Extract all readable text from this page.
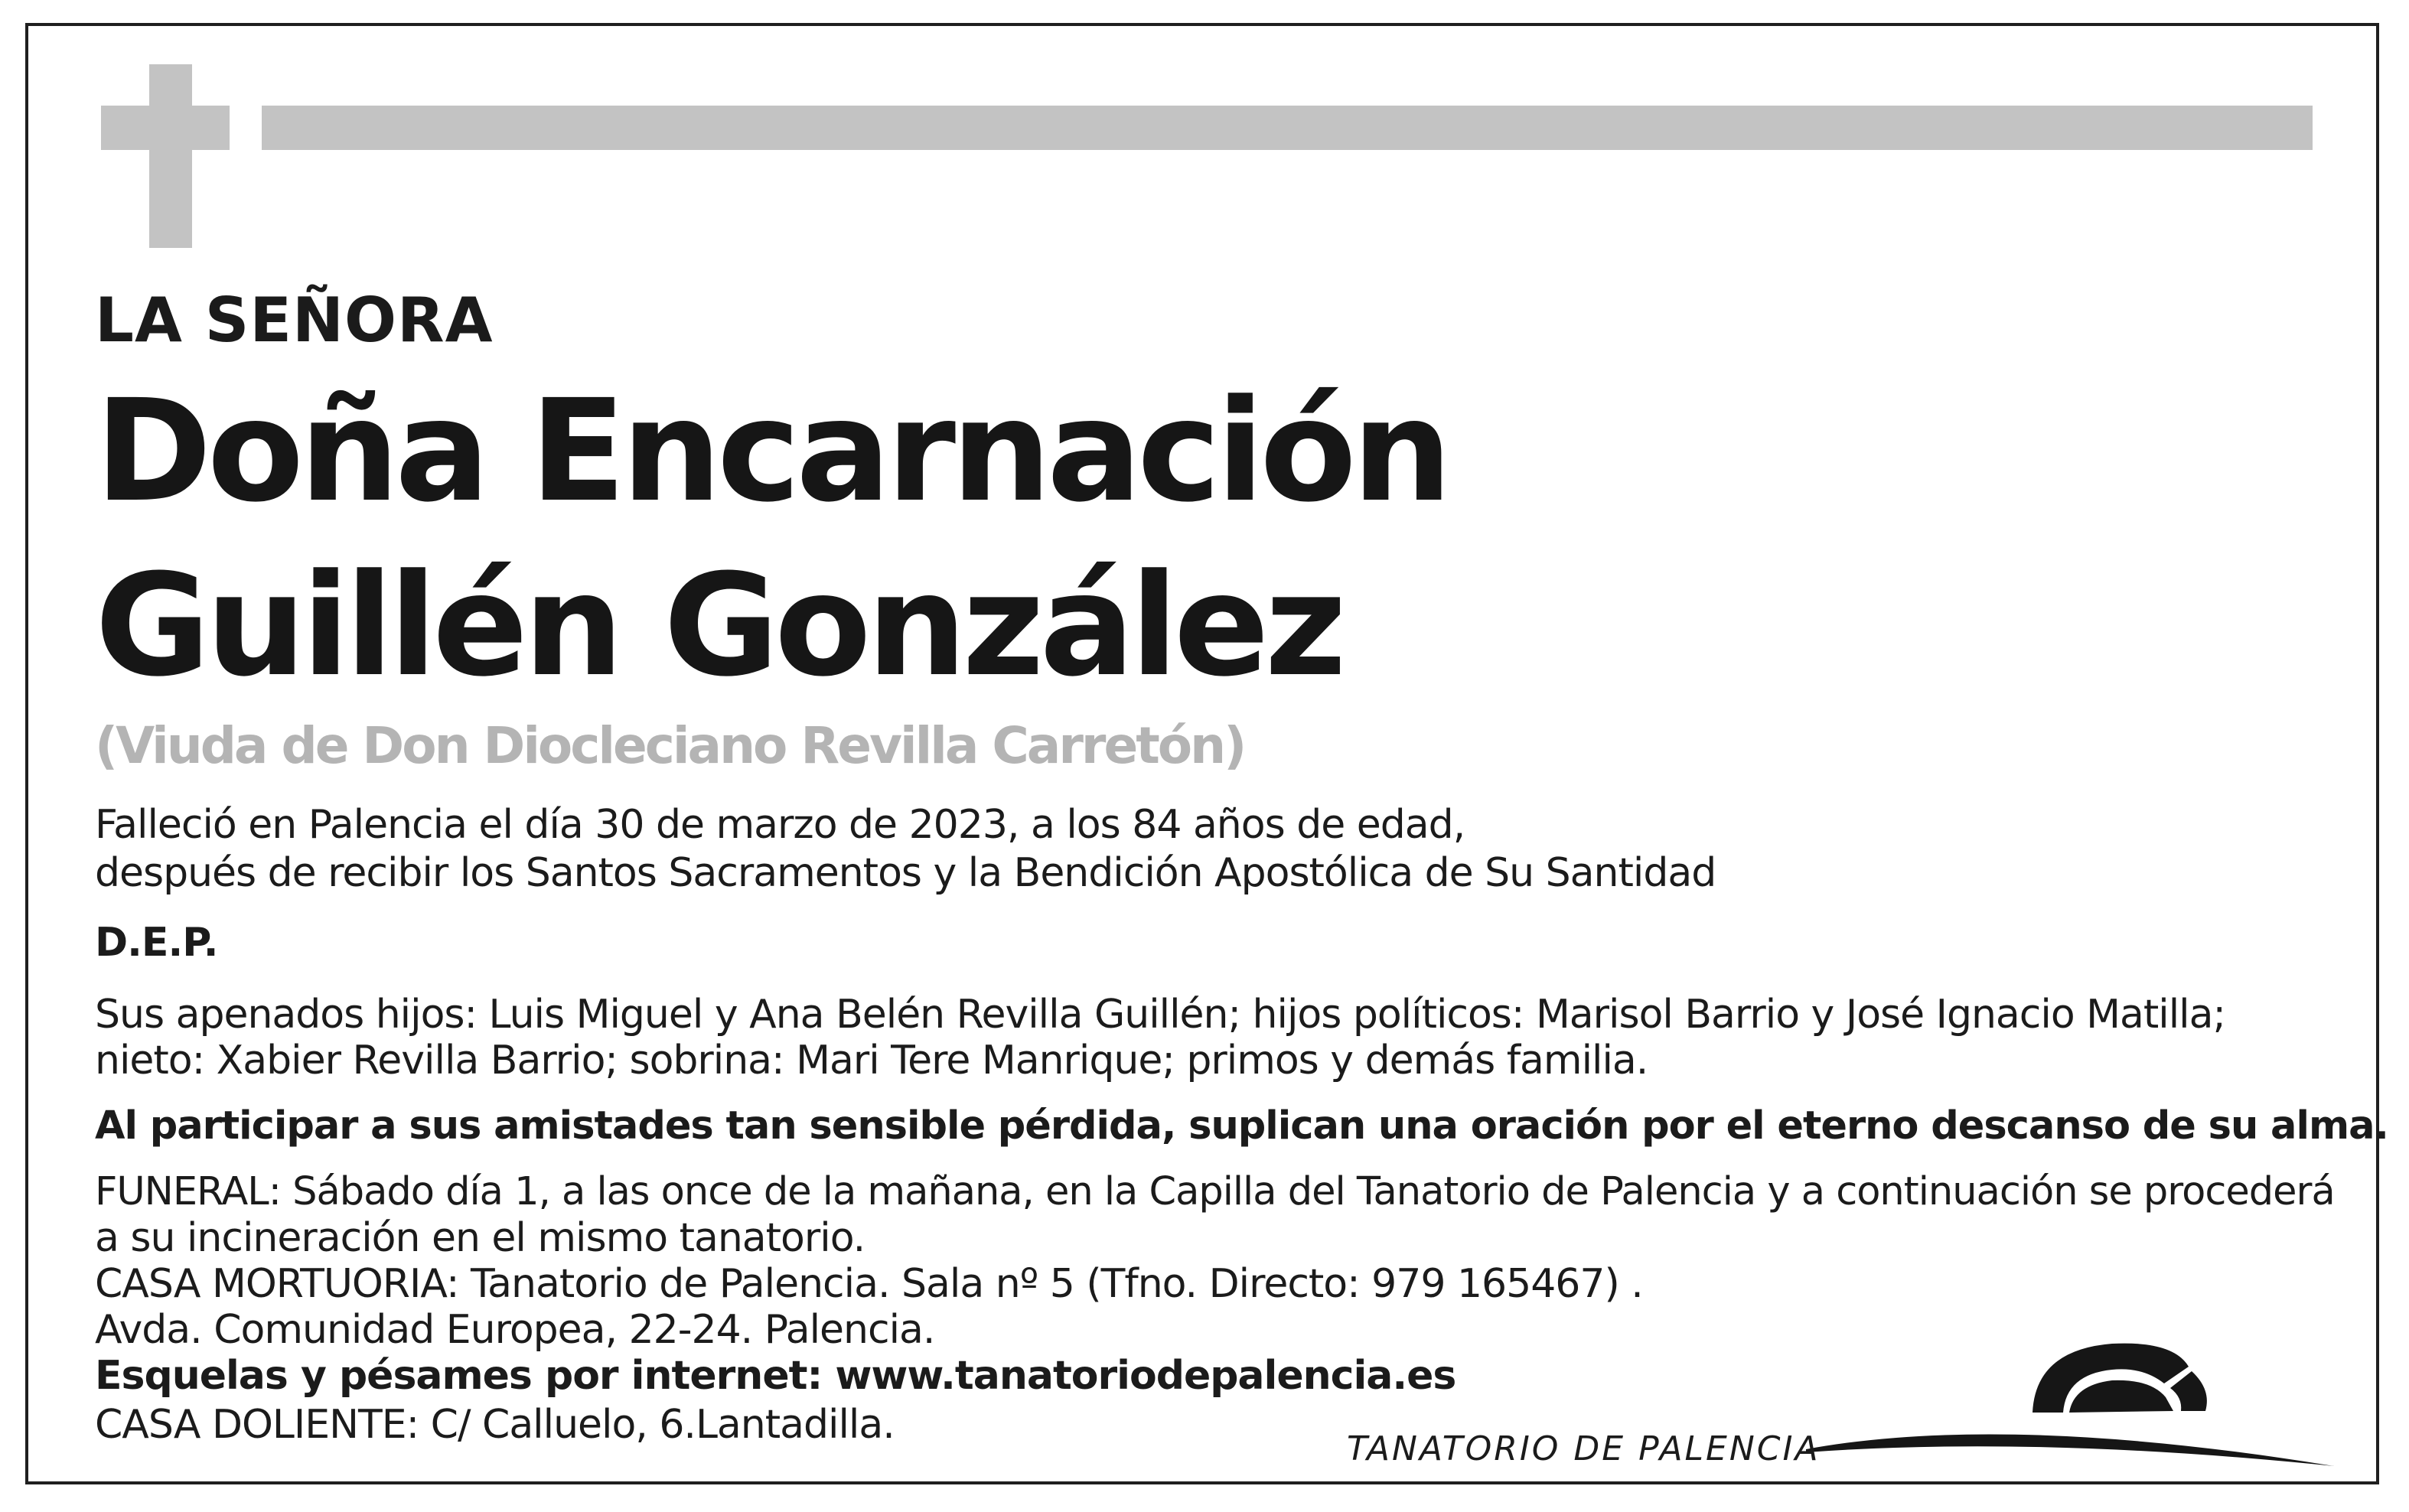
LA SEÑORA
Doña Encarnación
Guillén González
(Viuda de Don Diocleciano Revilla Carretón)
Falleció en Palencia el día 30 de marzo de 2023, a los 84 años de edad,
después de recibir los Santos Sacramentos y la Bendición Apostólica de Su Santidad
D.E.P.
Sus apenados hijos: Luis Miguel y Ana Belén Revilla Guillén; hijos políticos: Marisol Barrio y José Ignacio Matilla;
nieto: Xabier Revilla Barrio; sobrina: Mari Tere Manrique; primos y demás familia.
Al participar a sus amistades tan sensible pérdida, suplican una oración por el eterno descanso de su alma.
FUNERAL: Sábado día 1, a las once de la mañana, en la Capilla del Tanatorio de Palencia y a continuación se procederá
a su incineración en el mismo tanatorio.
CASA MORTUORIA: Tanatorio de Palencia. Sala nº 5 (Tfno. Directo: 979 165467) .
Avda. Comunidad Europea, 22-24. Palencia.
Esquelas y pésames por internet: www.tanatoriodepalencia.es
CASA DOLIENTE: C/ Calluelo, 6.Lantadilla.
TANATORIO DE PALENCIA
